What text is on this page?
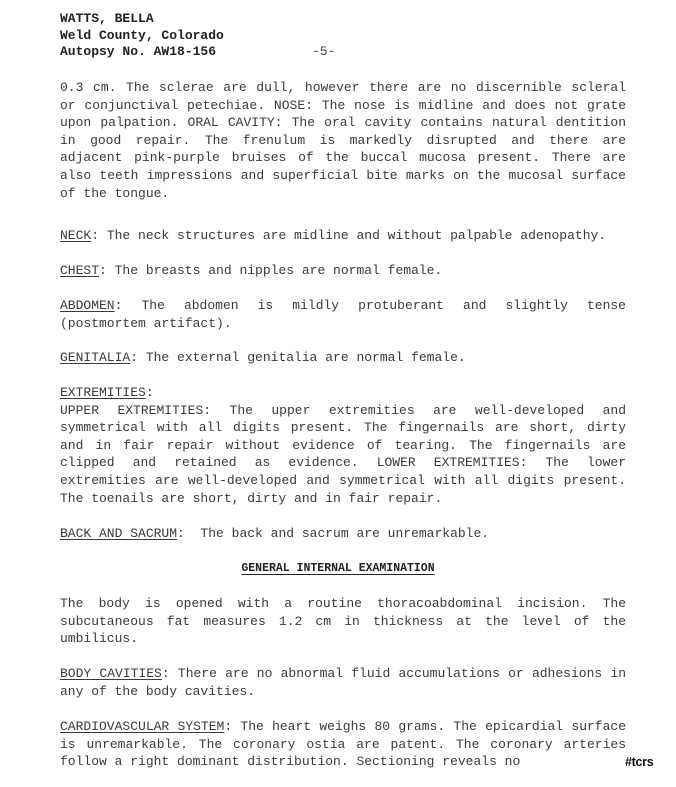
WATTS, BELLA
Weld County, Colorado
Autopsy No. AW18-156	-5-
0.3 cm. The sclerae are dull, however there are no discernible scleral or conjunctival petechiae. NOSE: The nose is midline and does not grate upon palpation. ORAL CAVITY: The oral cavity contains natural dentition in good repair. The frenulum is markedly disrupted and there are adjacent pink-purple bruises of the buccal mucosa present. There are also teeth impressions and superficial bite marks on the mucosal surface of the tongue.
NECK: The neck structures are midline and without palpable adenopathy.
CHEST: The breasts and nipples are normal female.
ABDOMEN: The abdomen is mildly protuberant and slightly tense (postmortem artifact).
GENITALIA: The external genitalia are normal female.
EXTREMITIES:
UPPER EXTREMITIES: The upper extremities are well-developed and symmetrical with all digits present. The fingernails are short, dirty and in fair repair without evidence of tearing. The fingernails are clipped and retained as evidence. LOWER EXTREMITIES: The lower extremities are well-developed and symmetrical with all digits present. The toenails are short, dirty and in fair repair.
BACK AND SACRUM:  The back and sacrum are unremarkable.
GENERAL INTERNAL EXAMINATION
The body is opened with a routine thoracoabdominal incision. The subcutaneous fat measures 1.2 cm in thickness at the level of the umbilicus.
BODY CAVITIES: There are no abnormal fluid accumulations or adhesions in any of the body cavities.
CARDIOVASCULAR SYSTEM: The heart weighs 80 grams. The epicardial surface is unremarkable. The coronary ostia are patent. The coronary arteries follow a right dominant distribution. Sectioning reveals no	#tcrs
